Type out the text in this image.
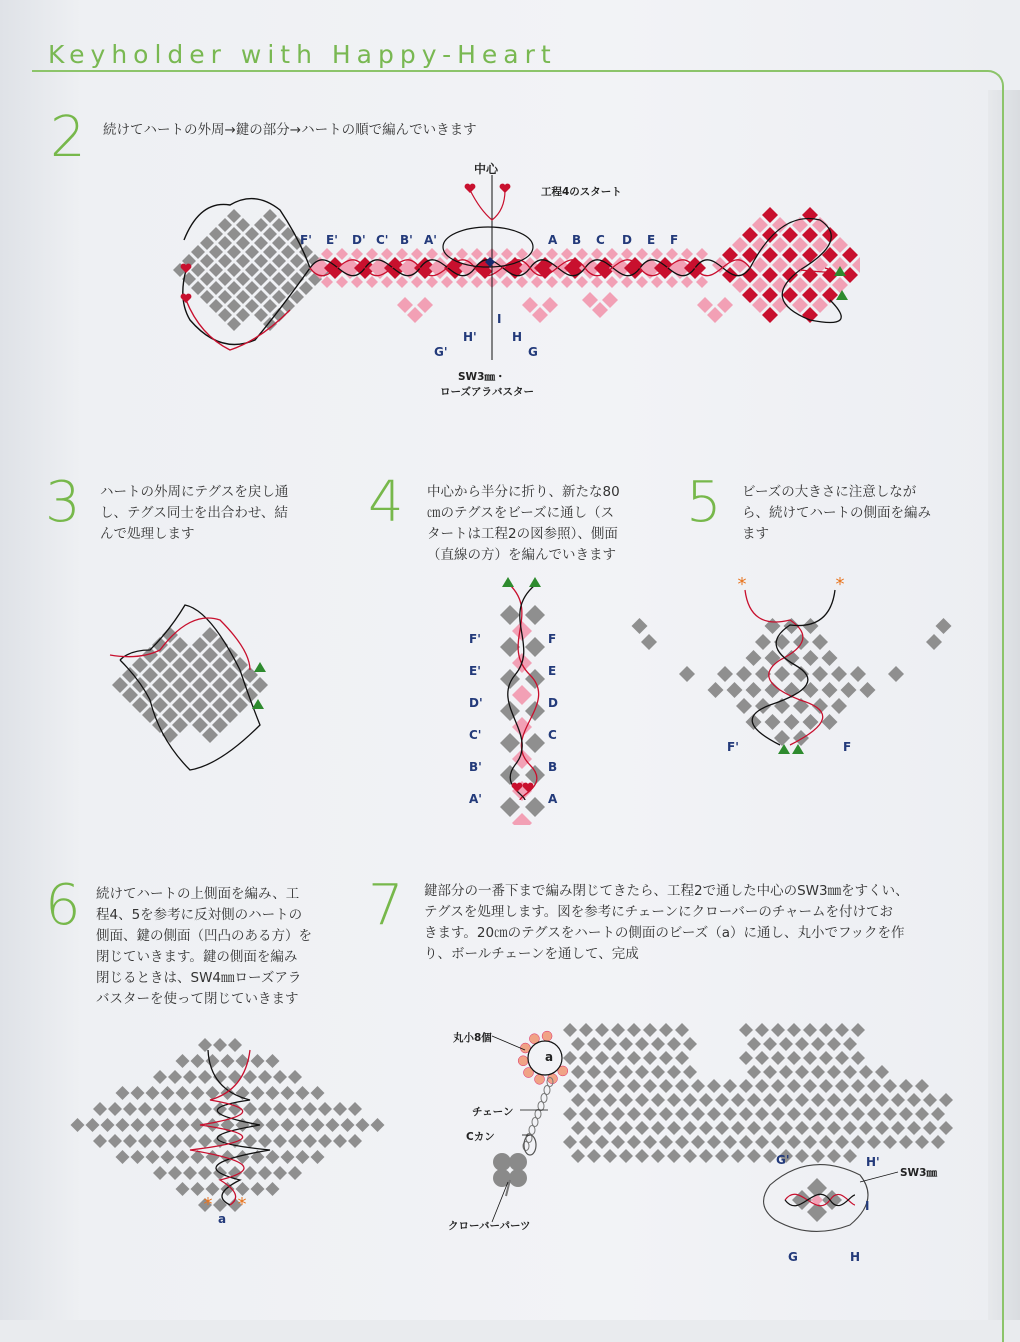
Keyholder with Happy-Heart
2 続けてハートの外周→鍵の部分→ハートの順で編んでいきます
中心
工程4のスタート
F' E' D' C' B' A'	A B C D E F
G'
H'
I
H
G
SW3㎜・
ローズアラバスター
3 ハートの外周にテグスを戻し通
し、テグス同士を出合わせ、結
んで処理します	4 中心から半分に折り、新たな80
㎝のテグスをビーズに通し（ス
タートは工程2の図参照）、側面
（直線の方）を編んでいきます
F'
E'
D'
C'
B'
A'
F
E
D
C
B
A
5 ビーズの大きさに注意しなが
ら、続けてハートの側面を編み
ます
*	*
F'	F
6 続けてハートの上側面を編み、工
程4、5を参考に反対側のハートの
側面、鍵の側面（凹凸のある方）を
閉じていきます。鍵の側面を編み
閉じるときは、SW4㎜ローズアラ
バスターを使って閉じていきます
* *
a
7 鍵部分の一番下まで編み閉じてきたら、工程2で通した中心のSW3㎜をすくい、
テグスを処理します。図を参考にチェーンにクローバーのチャームを付けてお
きます。20㎝のテグスをハートの側面のビーズ（a）に通し、丸小でフックを作
り、ボールチェーンを通して、完成
丸小8個
a
チェーン
Cカン
クローバーパーツ
G'	H'
I
G	H
SW3㎜
